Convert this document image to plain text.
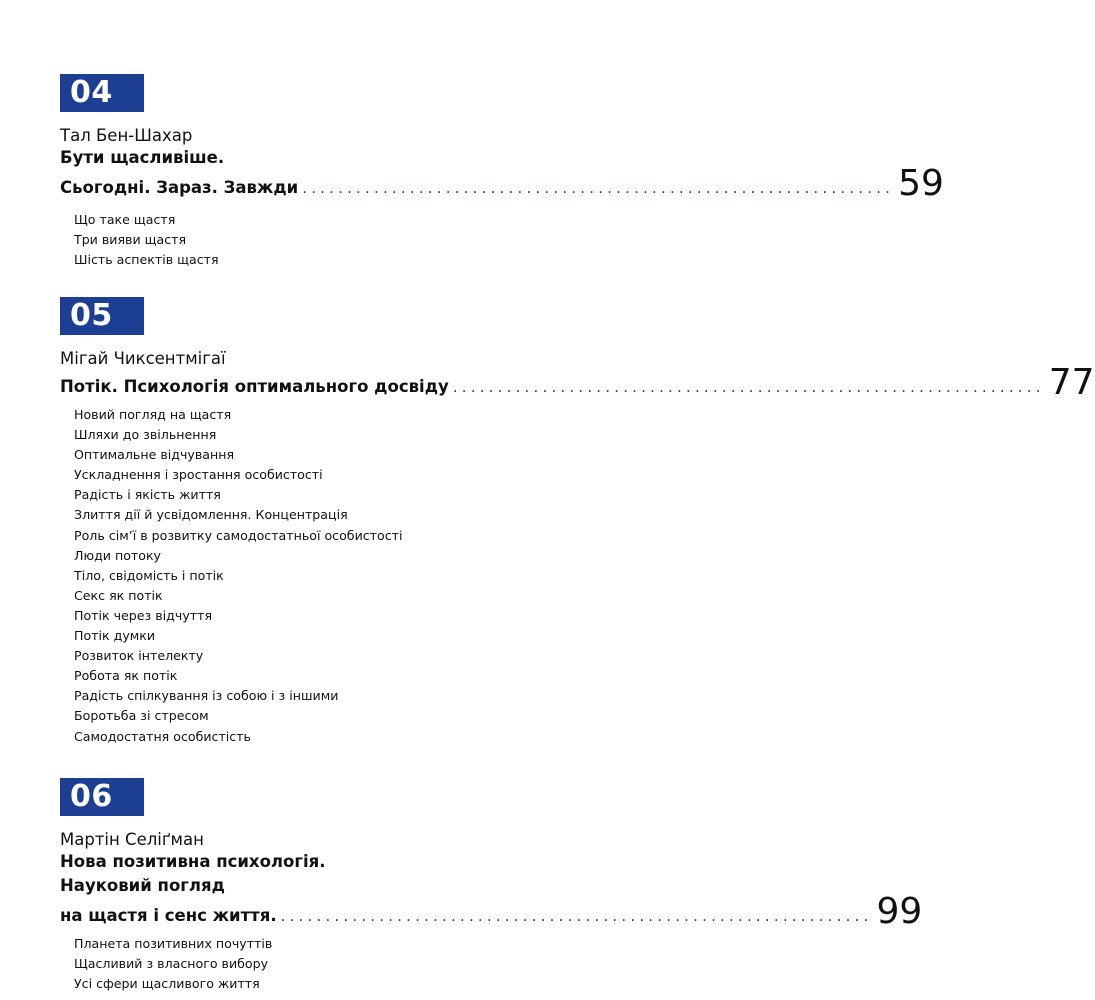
04
Тал Бен-Шахар
Бути щасливіше.
Сьогодні. Зараз. Завжди .................................................................. 59
Що таке щастя
Три вияви щастя
Шість аспектів щастя
05
Мігай Чиксентмігаї
Потік. Психологія оптимального досвіду .................................................................. 77
Новий погляд на щастя
Шляхи до звільнення
Оптимальне відчування
Ускладнення і зростання особистості
Радість і якість життя
Злиття дії й усвідомлення. Концентрація
Роль сім’ї в розвитку самодостатньої особистості
Люди потоку
Тіло, свідомість і потік
Секс як потік
Потік через відчуття
Потік думки
Розвиток інтелекту
Робота як потік
Радість спілкування із собою і з іншими
Боротьба зі стресом
Самодостатня особистість
06
Мартін Селіґман
Нова позитивна психологія.
Науковий погляд
на щастя і сенс життя. .................................................................. 99
Планета позитивних почуттів
Щасливий з власного вибору
Усі сфери щасливого життя
